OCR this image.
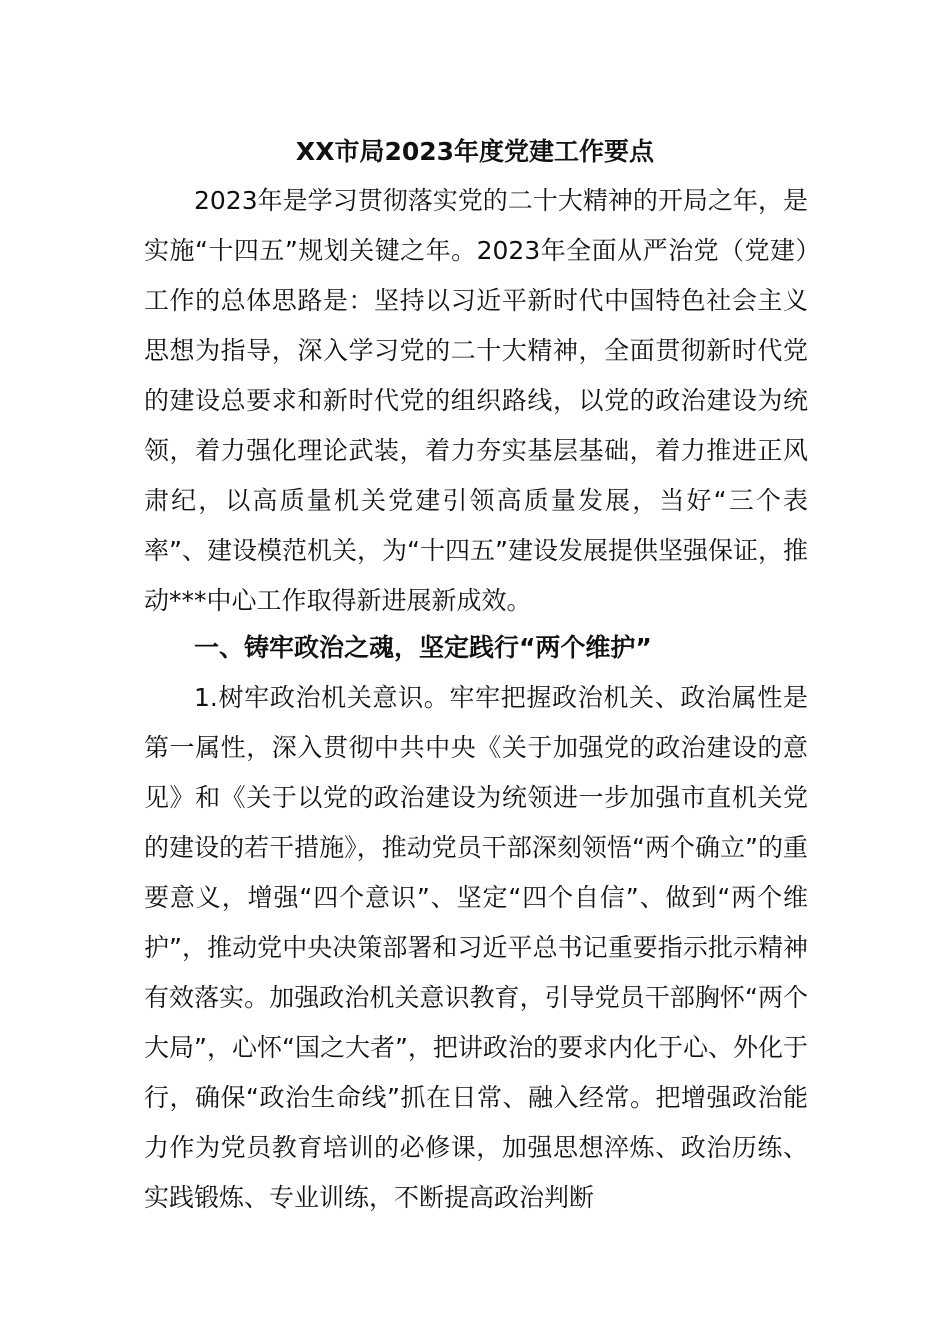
XX市局2023年度党建工作要点

2023年是学习贯彻落实党的二十大精神的开局之年，是实施“十四五”规划关键之年。2023年全面从严治党（党建）工作的总体思路是：坚持以习近平新时代中国特色社会主义思想为指导，深入学习党的二十大精神，全面贯彻新时代党的建设总要求和新时代党的组织路线，以党的政治建设为统领，着力强化理论武装，着力夯实基层基础，着力推进正风肃纪，以高质量机关党建引领高质量发展，当好“三个表率”、建设模范机关，为“十四五”建设发展提供坚强保证，推动***中心工作取得新进展新成效。

一、铸牢政治之魂，坚定践行“两个维护”

1.树牢政治机关意识。牢牢把握政治机关、政治属性是第一属性，深入贯彻中共中央《关于加强党的政治建设的意见》和《关于以党的政治建设为统领进一步加强市直机关党的建设的若干措施》，推动党员干部深刻领悟“两个确立”的重要意义，增强“四个意识”、坚定“四个自信”、做到“两个维护”，推动党中央决策部署和习近平总书记重要指示批示精神有效落实。加强政治机关意识教育，引导党员干部胸怀“两个大局”，心怀“国之大者”，把讲政治的要求内化于心、外化于行，确保“政治生命线”抓在日常、融入经常。把增强政治能力作为党员教育培训的必修课，加强思想淬炼、政治历练、实践锻炼、专业训练，不断提高政治判断
